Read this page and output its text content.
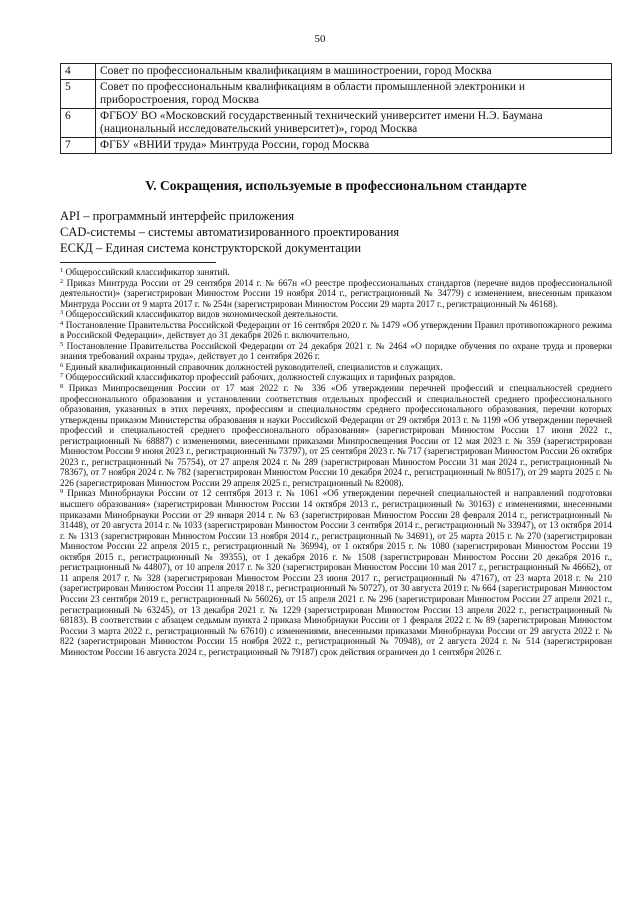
50
4	Совет по профессиональным квалификациям в машиностроении, город Москва
5	Совет по профессиональным квалификациям в области промышленной электроники и приборостроения, город Москва
6	ФГБОУ ВО «Московский государственный технический университет имени Н.Э. Баумана (национальный исследовательский университет)», город Москва
7	ФГБУ «ВНИИ труда» Минтруда России, город Москва
V. Сокращения, используемые в профессиональном стандарте
API – программный интерфейс приложения
CAD-системы – системы автоматизированного проектирования
ЕСКД – Единая система конструкторской документации

$^1$ Общероссийский классификатор занятий.

$^2$ Приказ Минтруда России от 29 сентября 2014 г. № 667н «О реестре профессиональных стандартов (перечне видов профессиональной деятельности)» (зарегистрирован Минюстом России 19 ноября 2014 г., регистрационный № 34779) с изменением, внесенным приказом Минтруда России от 9 марта 2017 г. № 254н (зарегистрирован Минюстом России 29 марта 2017 г., регистрационный № 46168).

$^3$ Общероссийский классификатор видов экономической деятельности.

$^4$ Постановление Правительства Российской Федерации от 16 сентября 2020 г. № 1479 «Об утверждении Правил противопожарного режима в Российской Федерации», действует до 31 декабря 2026 г. включительно.

$^5$ Постановление Правительства Российской Федерации от 24 декабря 2021 г. № 2464 «О порядке обучения по охране труда и проверки знания требований охраны труда», действует до 1 сентября 2026 г.

$^6$ Единый квалификационный справочник должностей руководителей, специалистов и служащих.

$^7$ Общероссийский классификатор профессий рабочих, должностей служащих и тарифных разрядов.

$^8$ Приказ Минпросвещения России от 17 мая 2022 г. № 336 «Об утверждении перечней профессий и специальностей среднего профессионального образования и установлении соответствия отдельных профессий и специальностей среднего профессионального образования, указанных в этих перечнях, профессиям и специальностям среднего профессионального образования, перечни которых утверждены приказом Министерства образования и науки Российской Федерации от 29 октября 2013 г. № 1199 «Об утверждении перечней профессий и специальностей среднего профессионального образования» (зарегистрирован Минюстом России 17 июня 2022 г., регистрационный № 68887) с изменениями, внесенными приказами Минпросвещения России от 12 мая 2023 г. № 359 (зарегистрирован Минюстом России 9 июня 2023 г., регистрационный № 73797), от 25 сентября 2023 г. № 717 (зарегистрирован Минюстом России 26 октября 2023 г., регистрационный № 75754), от 27 апреля 2024 г. № 289 (зарегистрирован Минюстом России 31 мая 2024 г., регистрационный № 78367), от 7 ноября 2024 г. № 782 (зарегистрирован Минюстом России 10 декабря 2024 г., регистрационный № 80517), от 29 марта 2025 г. № 226 (зарегистрирован Минюстом России 29 апреля 2025 г., регистрационный № 82008).

$^9$ Приказ Минобрнауки России от 12 сентября 2013 г. № 1061 «Об утверждении перечней специальностей и направлений подготовки высшего образования» (зарегистрирован Минюстом России 14 октября 2013 г., регистрационный № 30163) с изменениями, внесенными приказами Минобрнауки России от 29 января 2014 г. № 63 (зарегистрирован Минюстом России 28 февраля 2014 г., регистрационный № 31448), от 20 августа 2014 г. № 1033 (зарегистрирован Минюстом России 3 сентября 2014 г., регистрационный № 33947), от 13 октября 2014 г. № 1313 (зарегистрирован Минюстом России 13 ноября 2014 г., регистрационный № 34691), от 25 марта 2015 г. № 270 (зарегистрирован Минюстом России 22 апреля 2015 г., регистрационный № 36994), от 1 октября 2015 г. № 1080 (зарегистрирован Минюстом России 19 октября 2015 г., регистрационный № 39355), от 1 декабря 2016 г. № 1508 (зарегистрирован Минюстом России 20 декабря 2016 г., регистрационный № 44807), от 10 апреля 2017 г. № 320 (зарегистрирован Минюстом России 10 мая 2017 г., регистрационный № 46662), от 11 апреля 2017 г. № 328 (зарегистрирован Минюстом России 23 июня 2017 г., регистрационный № 47167), от 23 марта 2018 г. № 210 (зарегистрирован Минюстом России 11 апреля 2018 г., регистрационный № 50727), от 30 августа 2019 г. № 664 (зарегистрирован Минюстом России 23 сентября 2019 г., регистрационный № 56026), от 15 апреля 2021 г. № 296 (зарегистрирован Минюстом России 27 апреля 2021 г., регистрационный № 63245), от 13 декабря 2021 г. № 1229 (зарегистрирован Минюстом России 13 апреля 2022 г., регистрационный № 68183). В соответствии с абзацем седьмым пункта 2 приказа Минобрнауки России от 1 февраля 2022 г. № 89 (зарегистрирован Минюстом России 3 марта 2022 г., регистрационный № 67610) с изменениями, внесенными приказами Минобрнауки России от 29 августа 2022 г. № 822 (зарегистрирован Минюстом России 15 ноября 2022 г., регистрационный № 70948), от 2 августа 2024 г. № 514 (зарегистрирован Минюстом России 16 августа 2024 г., регистрационный № 79187) срок действия ограничен до 1 сентября 2026 г.
